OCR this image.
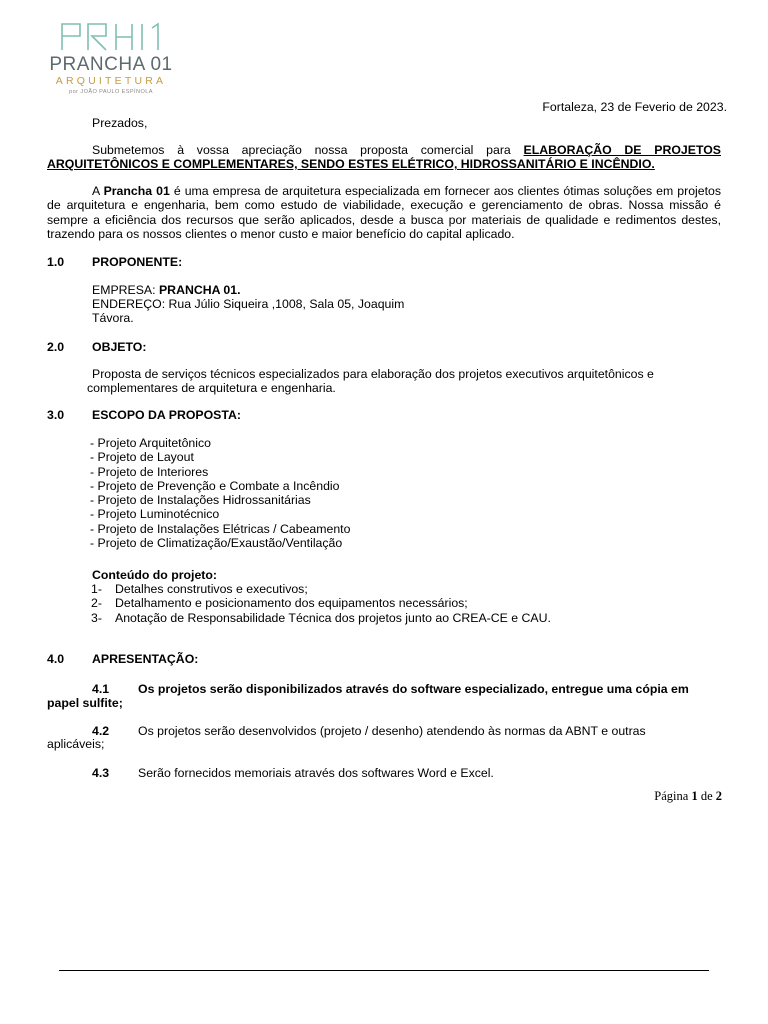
PRANCHA 01
ARQUITETURA
por JOÃO PAULO ESPÍNOLA
Fortaleza, 23 de Feverio de 2023.
Prezados,
Submetemos à vossa apreciação nossa proposta comercial para ELABORAÇÃO DE PROJETOS ARQUITETÔNICOS E COMPLEMENTARES, SENDO ESTES ELÉTRICO, HIDROSSANITÁRIO E INCÊNDIO.
A Prancha 01 é uma empresa de arquitetura especializada em fornecer aos clientes ótimas soluções em projetos de arquitetura e engenharia, bem como estudo de viabilidade, execução e gerenciamento de obras. Nossa missão é sempre a eficiência dos recursos que serão aplicados, desde a busca por materiais de qualidade e redimentos destes, trazendo para os nossos clientes o menor custo e maior benefício do capital aplicado.
1.0 PROPONENTE:
EMPRESA: PRANCHA 01.
ENDEREÇO: Rua Júlio Siqueira ,1008, Sala 05, Joaquim
Távora.
2.0 OBJETO:
Proposta de serviços técnicos especializados para elaboração dos projetos executivos arquitetônicos e
complementares de arquitetura e engenharia.
3.0 ESCOPO DA PROPOSTA:
- Projeto Arquitetônico
- Projeto de Layout
- Projeto de Interiores
- Projeto de Prevenção e Combate a Incêndio
- Projeto de Instalações Hidrossanitárias
- Projeto Luminotécnico
- Projeto de Instalações Elétricas / Cabeamento
- Projeto de Climatização/Exaustão/Ventilação
Conteúdo do projeto:
1-	Detalhes construtivos e executivos;
2-	Detalhamento e posicionamento dos equipamentos necessários;
3-	Anotação de Responsabilidade Técnica dos projetos junto ao CREA-CE e CAU.
4.0 APRESENTAÇÃO:
4.1 Os projetos serão disponibilizados através do software especializado, entregue uma cópia em
papel sulfite;
4.2 Os projetos serão desenvolvidos (projeto / desenho) atendendo às normas da ABNT e outras
aplicáveis;
4.3 Serão fornecidos memoriais através dos softwares Word e Excel.
Página 1 de 2
